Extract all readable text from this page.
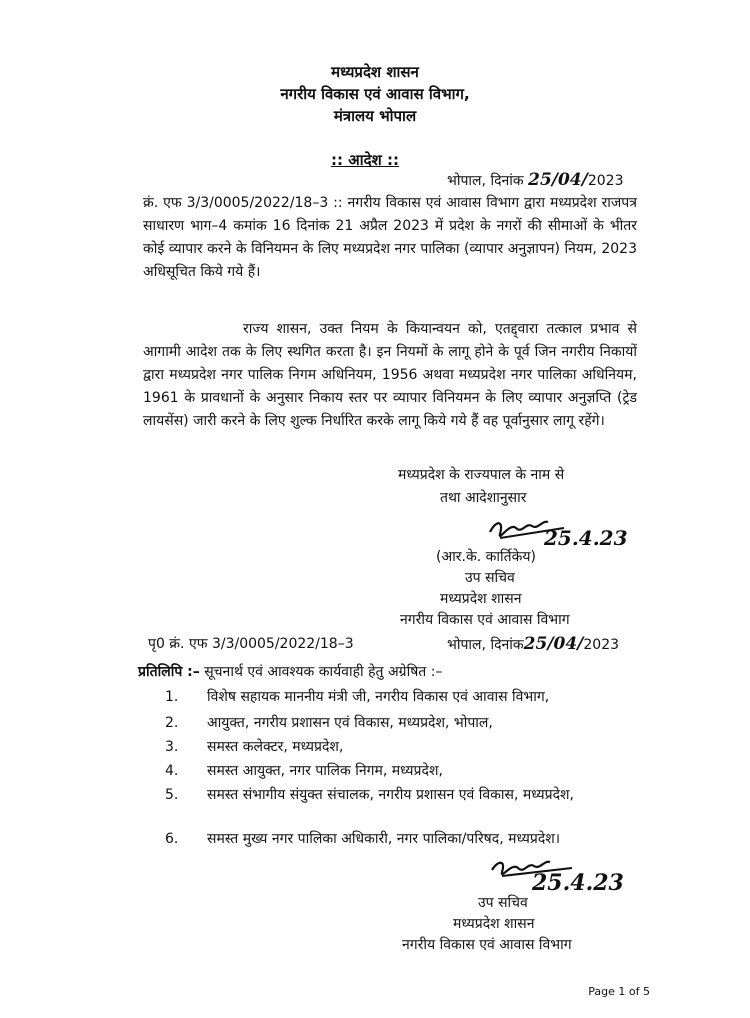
मध्यप्रदेश शासन
नगरीय विकास एवं आवास विभाग,
मंत्रालय भोपाल
:: आदेश ::
भोपाल, दिनांक 25/04/2023
क्रं. एफ 3/3/0005/2022/18–3 :: नगरीय विकास एवं आवास विभाग द्वारा मध्यप्रदेश राजपत्र साधारण भाग–4 कमांक 16 दिनांक 21 अप्रैल 2023 में प्रदेश के नगरों की सीमाओं के भीतर कोई व्यापार करने के विनियमन के लिए मध्यप्रदेश नगर पालिका (व्यापार अनुज्ञापन) नियम, 2023 अधिसूचित किये गये हैं।
राज्य शासन, उक्त नियम के कियान्वयन को, एतद्द्वारा तत्काल प्रभाव से आगामी आदेश तक के लिए स्थगित करता है। इन नियमों के लागू होने के पूर्व जिन नगरीय निकायों द्वारा मध्यप्रदेश नगर पालिक निगम अधिनियम, 1956 अथवा मध्यप्रदेश नगर पालिका अधिनियम, 1961 के प्रावधानों के अनुसार निकाय स्तर पर व्यापार विनियमन के लिए व्यापार अनुज्ञप्ति (ट्रेड लायसेंस) जारी करने के लिए शुल्क निर्धारित करके लागू किये गये हैं वह पूर्वानुसार लागू रहेंगे।
मध्यप्रदेश के राज्यपाल के नाम से
तथा आदेशानुसार
25.4.23
(आर.के. कार्तिकेय)
उप सचिव
मध्यप्रदेश शासन
नगरीय विकास एवं आवास विभाग
पृ0 क्रं. एफ 3/3/0005/2022/18–3	भोपाल, दिनांक25/04/2023
प्रतिलिपि :– सूचनार्थ एवं आवश्यक कार्यवाही हेतु अग्रेषित :–
1.	विशेष सहायक माननीय मंत्री जी, नगरीय विकास एवं आवास विभाग,
2.	आयुक्त, नगरीय प्रशासन एवं विकास, मध्यप्रदेश, भोपाल,
3.	समस्त कलेक्टर, मध्यप्रदेश,
4.	समस्त आयुक्त, नगर पालिक निगम, मध्यप्रदेश,
5.	समस्त संभागीय संयुक्त संचालक, नगरीय प्रशासन एवं विकास, मध्यप्रदेश,
6.	समस्त मुख्य नगर पालिका अधिकारी, नगर पालिका/परिषद, मध्यप्रदेश।
25.4.23
उप सचिव
मध्यप्रदेश शासन
नगरीय विकास एवं आवास विभाग
Page 1 of 5
